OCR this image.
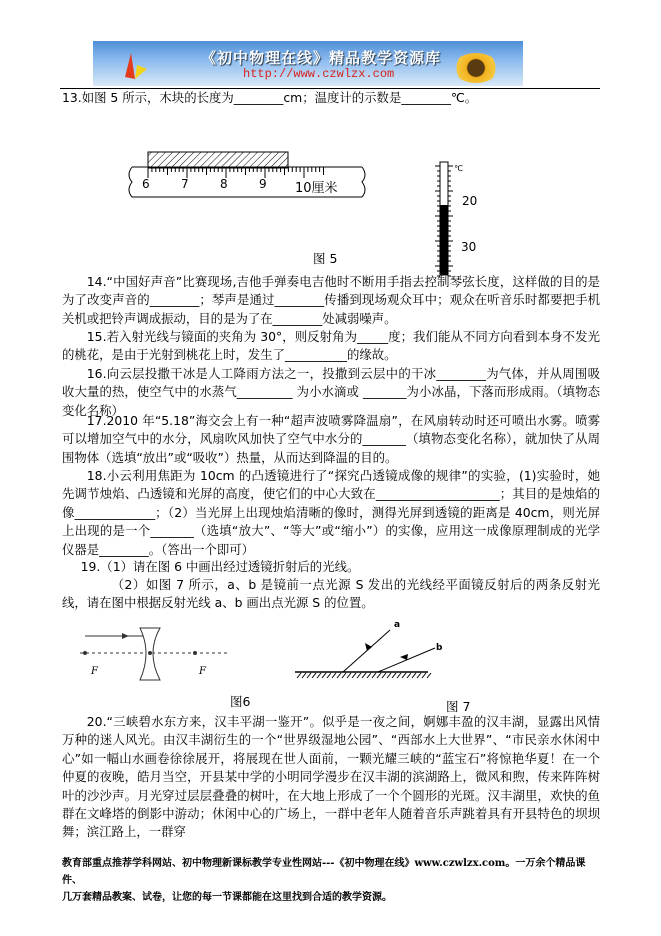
《初中物理在线》精品教学资源库
http://www.czwlzx.com
13.如图 5 所示，木块的长度为________cm；温度计的示数是________℃。
6	7	8	9 10厘米
℃
20
30
图 5
14.“中国好声音”比赛现场,吉他手弹奏电吉他时不断用手指去控制琴弦长度，这样做的目的是为了改变声音的________；琴声是通过________传播到现场观众耳中；观众在听音乐时都要把手机关机或把铃声调成振动，目的是为了在________处减弱噪声。
15.若入射光线与镜面的夹角为 30°，则反射角为_____度；我们能从不同方向看到本身不发光的桃花，是由于光射到桃花上时，发生了__________的缘故。
16.向云层投撒干冰是人工降雨方法之一，投撒到云层中的干冰________为气体，并从周围吸收大量的热，使空气中的水蒸气_________ 为小水滴或 _______为小冰晶，下落而形成雨。（填物态变化名称）
17.2010 年“5.18”海交会上有一种“超声波喷雾降温扇”，在风扇转动时还可喷出水雾。喷雾可以增加空气中的水分，风扇吹风加快了空气中水分的_______（填物态变化名称），就加快了从周围物体（选填“放出”或“吸收”）热量，从而达到降温的目的。
18.小云利用焦距为 10cm 的凸透镜进行了“探究凸透镜成像的规律”的实验，(1)实验时，她先调节烛焰、凸透镜和光屏的高度，使它们的中心大致在____________________；其目的是烛焰的像_____________；（2）当光屏上出现烛焰清晰的像时，测得光屏到透镜的距离是 40cm，则光屏上出现的是一个_______（选填“放大”、“等大”或“缩小”）的实像，应用这一成像原理制成的光学仪器是________。（答出一个即可）
19.（1）请在图 6 中画出经过透镜折射后的光线。
（2）如图 7 所示，a、b 是镜前一点光源 S 发出的光线经平面镜反射后的两条反射光线，请在图中根据反射光线 a、b 画出点光源 S 的位置。
F	F
图6
a
b
图 7
20.“三峡碧水东方来，汉丰平湖一鉴开”。似乎是一夜之间，婀娜丰盈的汉丰湖，显露出风情万种的迷人风光。由汉丰湖衍生的一个“世界级湿地公园”、“西部水上大世界”、“市民亲水休闲中心”如一幅山水画卷徐徐展开，将展现在世人面前，一颗光耀三峡的“蓝宝石”将惊艳华夏！在一个仲夏的夜晚，皓月当空，开县某中学的小明同学漫步在汉丰湖的滨湖路上，微风和煦，传来阵阵树叶的沙沙声。月光穿过层层叠叠的树叶，在大地上形成了一个个圆形的光斑。汉丰湖里，欢快的鱼群在文峰塔的倒影中游动；休闲中心的广场上，一群中老年人随着音乐声跳着具有开县特色的坝坝舞；滨江路上，一群穿
教育部重点推荐学科网站、初中物理新课标教学专业性网站---《初中物理在线》www.czwlzx.com。一万余个精品课件、
几万套精品教案、试卷，让您的每一节课都能在这里找到合适的教学资源。
